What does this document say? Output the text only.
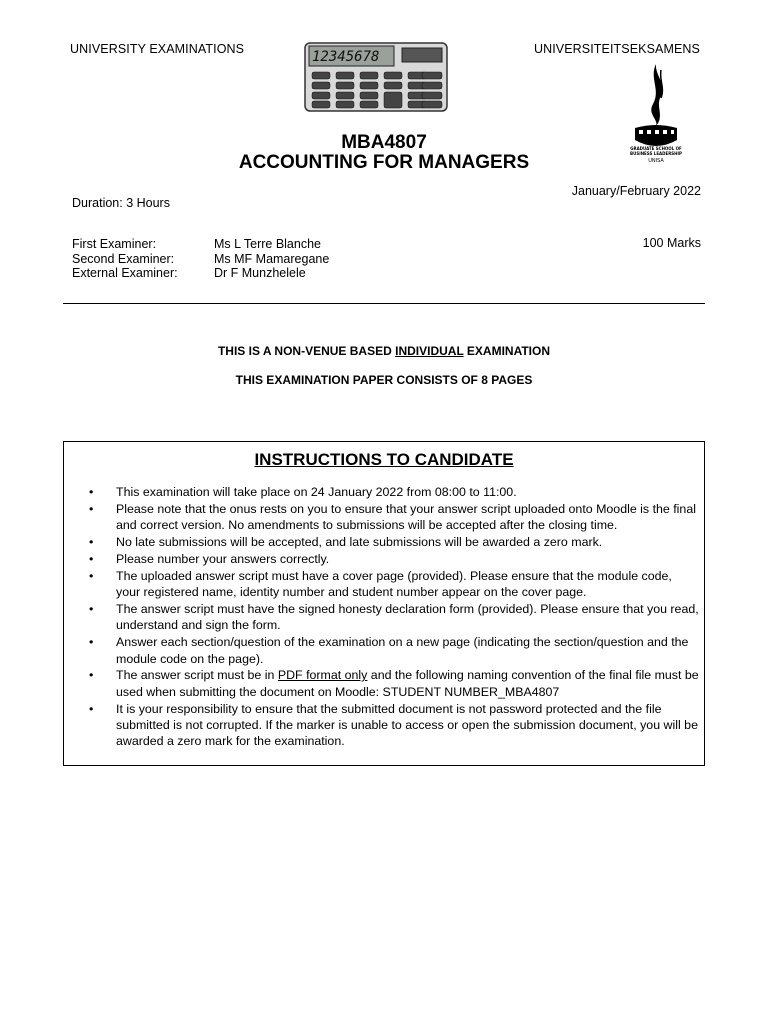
UNIVERSITY EXAMINATIONS	UNIVERSITEITSEKSAMENS
12345678
GRADUATE SCHOOL OF
BUSINESS LEADERSHIP
UNISA
MBA4807
ACCOUNTING FOR MANAGERS
January/February 2022
Duration: 3 Hours
100 Marks
First Examiner:	Ms L Terre Blanche
Second Examiner:	Ms MF Mamaregane
External Examiner:	Dr F Munzhelele
THIS IS A NON-VENUE BASED INDIVIDUAL EXAMINATION
THIS EXAMINATION PAPER CONSISTS OF 8 PAGES
INSTRUCTIONS TO CANDIDATE
• This examination will take place on 24 January 2022 from 08:00 to 11:00.
• Please note that the onus rests on you to ensure that your answer script uploaded onto Moodle is the final and correct version. No amendments to submissions will be accepted after the closing time.
• No late submissions will be accepted, and late submissions will be awarded a zero mark.
• Please number your answers correctly.
• The uploaded answer script must have a cover page (provided). Please ensure that the module code, your registered name, identity number and student number appear on the cover page.
• The answer script must have the signed honesty declaration form (provided). Please ensure that you read, understand and sign the form.
• Answer each section/question of the examination on a new page (indicating the section/question and the module code on the page).
• The answer script must be in PDF format only and the following naming convention of the final file must be used when submitting the document on Moodle: STUDENT NUMBER_MBA4807
• It is your responsibility to ensure that the submitted document is not password protected and the file submitted is not corrupted. If the marker is unable to access or open the submission document, you will be awarded a zero mark for the examination.
